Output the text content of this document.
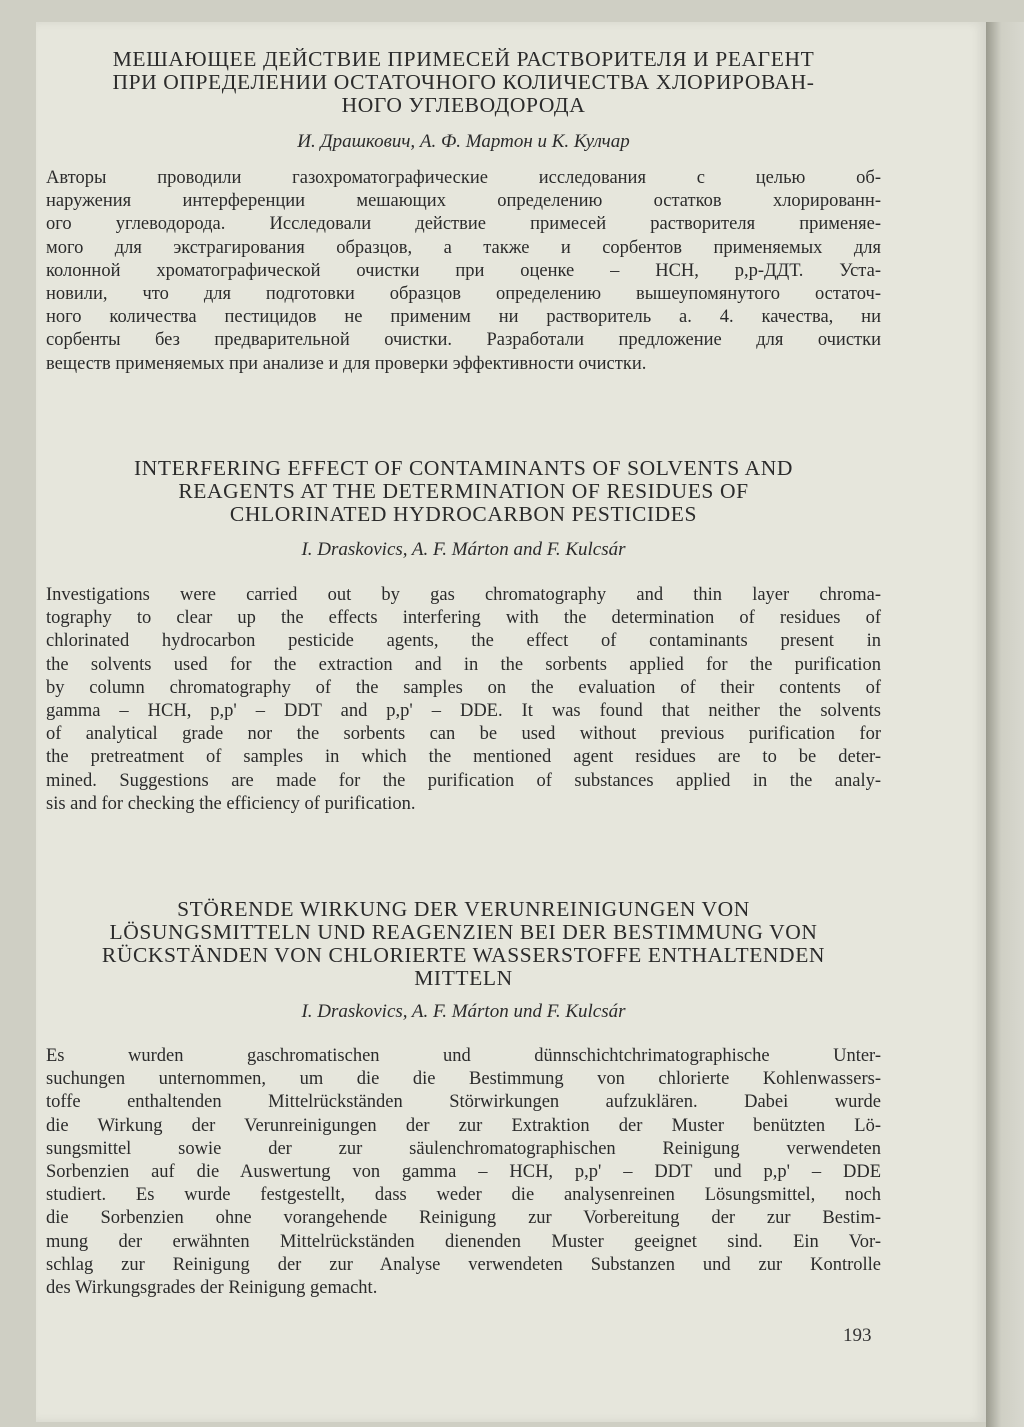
МЕШАЮЩЕЕ ДЕЙСТВИЕ ПРИМЕСЕЙ РАСТВОРИТЕЛЯ И РЕАГЕНТ
ПРИ ОПРЕДЕЛЕНИИ ОСТАТОЧНОГО КОЛИЧЕСТВА ХЛОРИРОВАН-
НОГО УГЛЕВОДОРОДА

И. Драшкович, А. Ф. Мартон и К. Кулчар

Авторы проводили газохроматографические исследования с целью об-
наружения интерференции мешающих определению остатков хлорированн-
ого углеводорода. Исследовали действие примесей растворителя применяе-
мого для экстрагирования образцов, а также и сорбентов применяемых для
колонной хроматографической очистки при оценке – НСН, р,р-ДДТ. Уста-
новили, что для подготовки образцов определению вышеупомянутого остаточ-
ного количества пестицидов не применим ни растворитель а. 4. качества, ни
сорбенты без предварительной очистки. Разработали предложение для очистки
веществ применяемых при анализе и для проверки эффективности очистки.
INTERFERING EFFECT OF CONTAMINANTS OF SOLVENTS AND
REAGENTS AT THE DETERMINATION OF RESIDUES OF
CHLORINATED HYDROCARBON PESTICIDES

I. Draskovics, A. F. Márton and F. Kulcsár

Investigations were carried out by gas chromatography and thin layer chroma-
tography to clear up the effects interfering with the determination of residues of
chlorinated hydrocarbon pesticide agents, the effect of contaminants present in
the solvents used for the extraction and in the sorbents applied for the purification
by column chromatography of the samples on the evaluation of their contents of
gamma – HCH, p,p' – DDT and p,p' – DDE. It was found that neither the solvents
of analytical grade nor the sorbents can be used without previous purification for
the pretreatment of samples in which the mentioned agent residues are to be deter-
mined. Suggestions are made for the purification of substances applied in the analy-
sis and for checking the efficiency of purification.
STÖRENDE WIRKUNG DER VERUNREINIGUNGEN VON
LÖSUNGSMITTELN UND REAGENZIEN BEI DER BESTIMMUNG VON
RÜCKSTÄNDEN VON CHLORIERTE WASSERSTOFFE ENTHALTENDEN
MITTELN

I. Draskovics, A. F. Márton und F. Kulcsár

Es wurden gaschromatischen und dünnschichtchrimatographische Unter-
suchungen unternommen, um die die Bestimmung von chlorierte Kohlenwassers-
toffe enthaltenden Mittelrückständen Störwirkungen aufzuklären. Dabei wurde
die Wirkung der Verunreinigungen der zur Extraktion der Muster benützten Lö-
sungsmittel sowie der zur säulenchromatographischen Reinigung verwendeten
Sorbenzien auf die Auswertung von gamma – HCH, p,p' – DDT und p,p' – DDE
studiert. Es wurde festgestellt, dass weder die analysenreinen Lösungsmittel, noch
die Sorbenzien ohne vorangehende Reinigung zur Vorbereitung der zur Bestim-
mung der erwähnten Mittelrückständen dienenden Muster geeignet sind. Ein Vor-
schlag zur Reinigung der zur Analyse verwendeten Substanzen und zur Kontrolle
des Wirkungsgrades der Reinigung gemacht.
193
